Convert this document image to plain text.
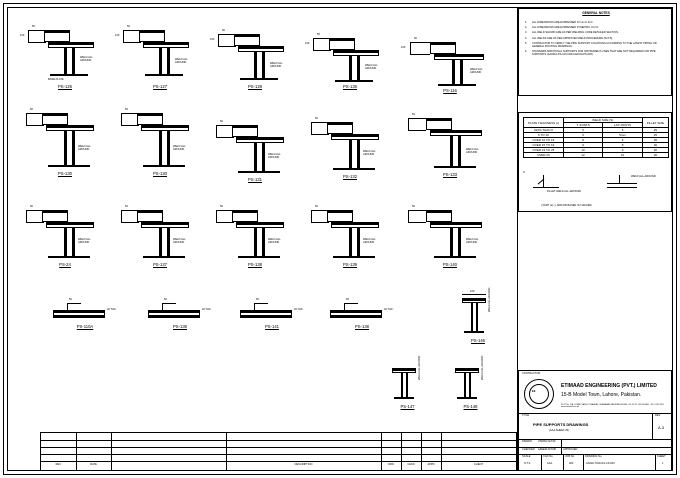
GENERAL NOTES
1.	ALL DIMENSIONS ARE EXPRESSED IN mm U.N.O.
2.	ALL DIMENSIONS ARE EXPRESSED IN METRIC U.N.O.
3.	ALL WELD SHOWN ARE AS PER WELDING CODE DETAILED SECTION.
4.	ALL WELDS ARE AS PER APPROVED WELD PROCEDURE (W.P.S).
5.	CONTRACTOR TO VERIFY THE PIPE SUPPORT LOCATIONS ACCORDING TO THE LATEST PIPING OR GENERAL ROUTING DRAWINGS.
6.	STANDARD ADDITIONAL SUPPORTS FOR INSTRUMENT LINES THAT ARE NOT REQUIRED FOR PIPE SUPPORTS (AA0010-PS-010 AND AA0010-PS-002).
PLATE THICKNESS (t)	WELD SIZE (S)		FILLET SIZE
	T JOINTS	LAP JOINTS	
LESS THAN 6	5	5	25
6 TO 10	6	5mm	25
OVER 10 TO 15	8	6	25
OVER 15 TO 19	9	8	30
OVER 19 TO 25	10	9	30
OVER 25	12	10	30
S
FILLET WELD ALL-AROUND
WELD ALL-AROUND
( PART (s) ( ) AND/OR BASED IS THICKER.
CONTRACTOR
EE
ETIMAAD ENGINEERING (PVT.) LIMITED
15-B Model Town, Lahore, Pakistan.
PLOT No. C/A, COMM PLAZA, F7 MARKAZ, ISLAMABAD PAKISTAN PHONE: +92 42 111 100 200 FAX: +92 51 265 4321 www.etimaad.com.pk
TITLE
PIPE SUPPORTS DRAWINGS
(AAA-SHEET-03)
REV.
A.3
DRAWN USMAN ALTAF
CHECKED AZEEM AFTAB	APPROVED
SCALE
N.T.S
CAD No.
AAA
JOB No.
003
DRAWING No.
AA002-7019-GS-CS-003
SHEET
1
REV.	DATE	DESCRIPTION	DRN	CHKD	APPD	CLIENT
50
100
WELD ALL
AROUND
BASE PLATE
PS-126
50
100
WELD ALL
AROUND
PS-127
50
100
WELD ALL
AROUND
PS-128
50
100
WELD ALL
AROUND
PS-135
50
100
WELD ALL
AROUND
PS-116
50
WELD ALL
AROUND
PS-130
50
WELD ALL
AROUND
PS-130
50
WELD ALL
AROUND
PS-131
50
WELD ALL
AROUND
PS-132
50
WELD ALL
AROUND
PS-133
50
WELD ALL
AROUND
PS-24
50
WELD ALL
AROUND
PS-137
50
WELD ALL
AROUND
PS-138
50
WELD ALL
AROUND
PS-139
50
WELD ALL
AROUND
PS-140
50
40 THK.
PS-110A
50
40 THK.
PS-136
50
40 THK.
PS-141
50
40 THK.
PS-138
100	WELD ALL AROUND
PS-146
WELD ALL AROUND
PS-147
WELD ALL AROUND
PS-148
